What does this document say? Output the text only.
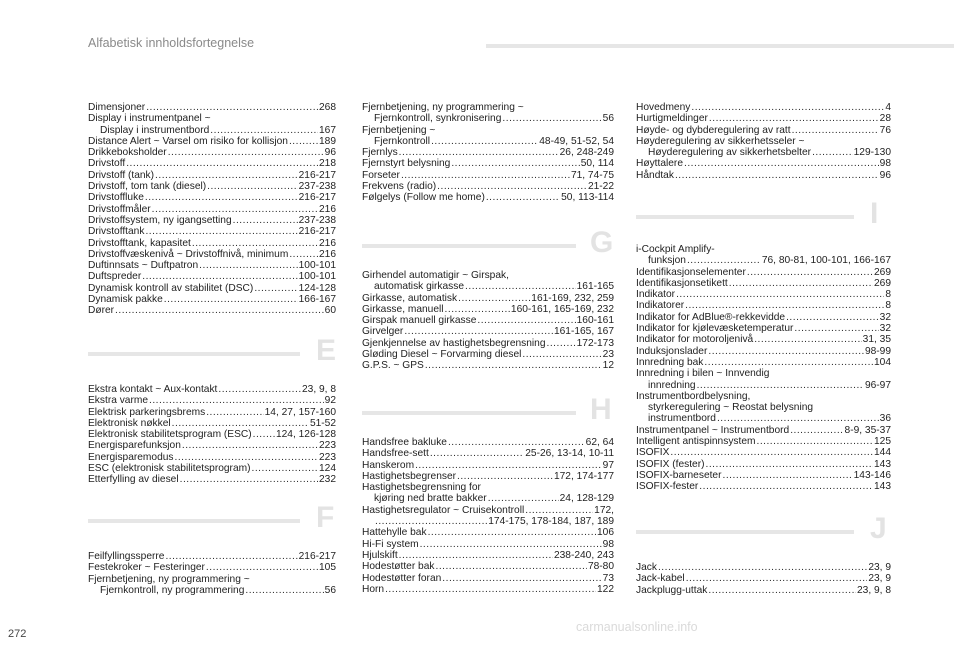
Alfabetisk innholdsfortegnelse
Dimensjoner .....	268
Display i instrumentpanel ~
Display i instrumentbord .....	167
Distance Alert ~ Varsel om risiko for kollisjon .....	189
Drikkeboksholder .....	96
Drivstoff .....	218
Drivstoff (tank) .....	216-217
Drivstoff, tom tank (diesel) .....	237-238
Drivstoffluke .....	216-217
Drivstoffmåler .....	216
Drivstoffsystem, ny igangsetting .....	237-238
Drivstofftank .....	216-217
Drivstofftank, kapasitet .....	216
Drivstoffvæskenivå ~ Drivstoffnivå, minimum .....	216
Duftinnsats ~ Duftpatron .....	100-101
Duftspreder .....	100-101
Dynamisk kontroll av stabilitet (DSC) .....	124-128
Dynamisk pakke .....	166-167
Dører .....	60
E
Ekstra kontakt ~ Aux-kontakt .....	23, 9, 8
Ekstra varme .....	92
Elektrisk parkeringsbrems .....	14, 27, 157-160
Elektronisk nøkkel .....	51-52
Elektronisk stabilitetsprogram (ESC) ..... 124, 126-128
Energisparefunksjon .....	223
Energisparemodus .....	223
ESC (elektronisk stabilitetsprogram) .....	124
Etterfylling av diesel .....	232
F
Feilfyllingssperre .....	216-217
Festekroker ~ Festeringer .....	105
Fjernbetjening, ny programmering ~
Fjernkontroll, ny programmering .....	56
Fjernbetjening, ny programmering ~
Fjernkontroll, synkronisering .....	56
Fjernbetjening ~
Fjernkontroll .....	48-49, 51-52, 54
Fjernlys .....	26, 248-249
Fjernstyrt belysning .....	50, 114
Forseter .....	71, 74-75
Frekvens (radio) .....	21-22
Følgelys (Follow me home) .....	50, 113-114
G
Girhendel automatigir ~ Girspak,
automatisk girkasse .....	161-165
Girkasse, automatisk .....	161-169, 232, 259
Girkasse, manuell .....	160-161, 165-169, 232
Girspak manuell girkasse .....	160-161
Girvelger .....	161-165, 167
Gjenkjennelse av hastighetsbegrensning .....	172-173
Gløding Diesel ~ Forvarming diesel .....	23
G.P.S. ~ GPS .....	12
H
Handsfree bakluke .....	62, 64
Handsfree-sett .....	25-26, 13-14, 10-11
Hanskerom .....	97
Hastighetsbegrenser .....	172, 174-177
Hastighetsbegrensning for
kjøring ned bratte bakker .....	24, 128-129
Hastighetsregulator ~ Cruisekontroll .....	172,
.....
174-175, 178-184, 187, 189
Hattehylle bak .....	106
Hi-Fi system .....	98
Hjulskift .....	238-240, 243
Hodestøtter bak .....	78-80
Hodestøtter foran .....	73
Horn .....	122
Hovedmeny .....	4
Hurtigmeldinger .....	28
Høyde- og dybderegulering av ratt .....	76
Høyderegulering av sikkerhetsseler ~
Høyderegulering av sikkerhetsbelter .....	129-130
Høyttalere .....	98
Håndtak .....	96
I
i-Cockpit Amplify-
funksjon .....	76, 80-81, 100-101, 166-167
Identifikasjonselementer .....	269
Identifikasjonsetikett .....	269
Indikator .....	8
Indikatorer .....	8
Indikator for AdBlue®-rekkevidde .....	32
Indikator for kjølevæsketemperatur .....	32
Indikator for motoroljenivå .....	31, 35
Induksjonslader .....	98-99
Innredning bak .....	104
Innredning i bilen ~ Innvendig
innredning .....	96-97
Instrumentbordbelysning,
styrkeregulering ~ Reostat belysning
instrumentbord .....	36
Instrumentpanel ~ Instrumentbord .....	8-9, 35-37
Intelligent antispinnsystem .....	125
ISOFIX .....	144
ISOFIX (fester) .....	143
ISOFIX-barneseter .....	143-146
ISOFIX-fester .....	143
J
Jack .....	23, 9
Jack-kabel .....	23, 9
Jackplugg-uttak .....	23, 9, 8
272	carmanualsonline.info
